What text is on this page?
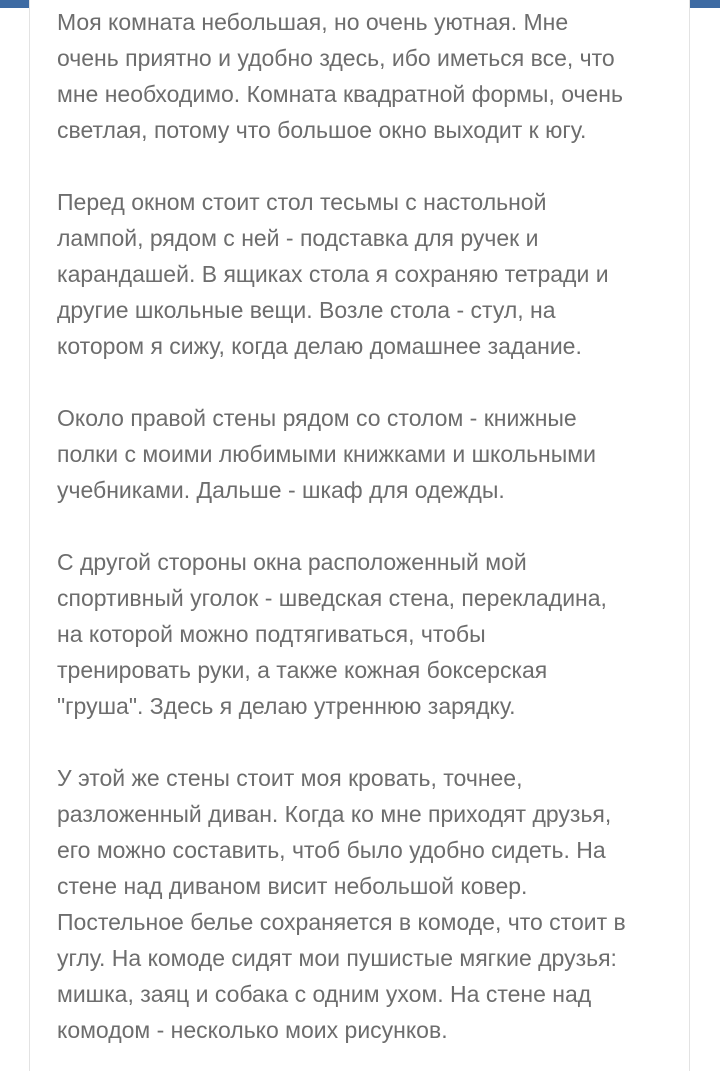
Моя комната небольшая, но очень уютная. Мне
очень приятно и удобно здесь, ибо иметься все, что
мне необходимо. Комната квадратной формы, очень
светлая, потому что большое окно выходит к югу.
Перед окном стоит стол тесьмы с настольной
лампой, рядом с ней - подставка для ручек и
карандашей. В ящиках стола я сохраняю тетради и
другие школьные вещи. Возле стола - стул, на
котором я сижу, когда делаю домашнее задание.
Около правой стены рядом со столом - книжные
полки с моими любимыми книжками и школьными
учебниками. Дальше - шкаф для одежды.
С другой стороны окна расположенный мой
спортивный уголок - шведская стена, перекладина,
на которой можно подтягиваться, чтобы
тренировать руки, а также кожная боксерская
"груша". Здесь я делаю утреннюю зарядку.
У этой же стены стоит моя кровать, точнее,
разложенный диван. Когда ко мне приходят друзья,
его можно составить, чтоб было удобно сидеть. На
стене над диваном висит небольшой ковер.
Постельное белье сохраняется в комоде, что стоит в
углу. На комоде сидят мои пушистые мягкие друзья:
мишка, заяц и собака с одним ухом. На стене над
комодом - несколько моих рисунков.
